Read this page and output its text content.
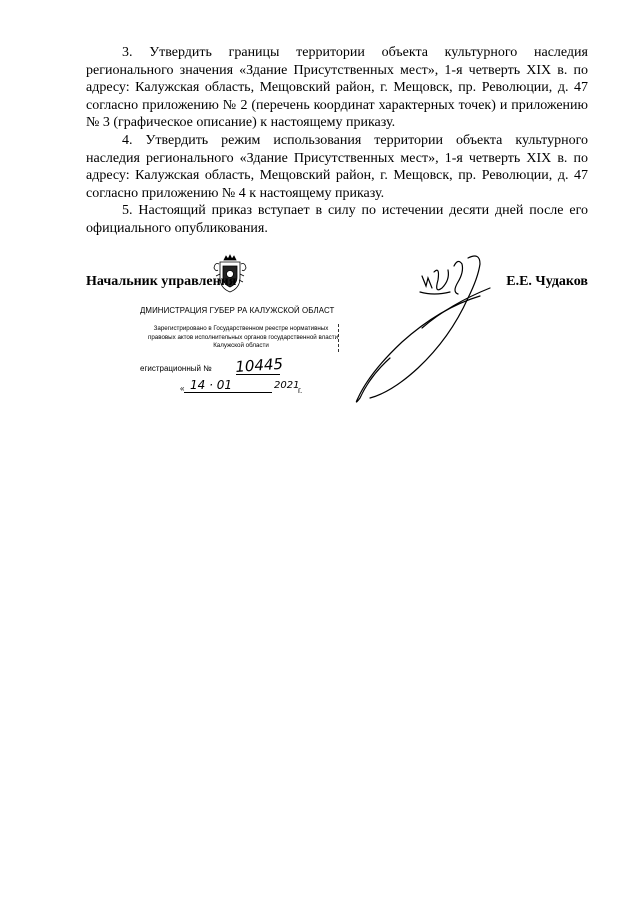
3. Утвердить границы территории объекта культурного наследия регионального значения «Здание Присутственных мест», 1-я четверть XIX в. по адресу: Калужская область, Мещовский район, г. Мещовск, пр. Революции, д. 47 согласно приложению № 2 (перечень координат характерных точек) и приложению № 3 (графическое описание) к настоящему приказу.

4. Утвердить режим использования территории объекта культурного наследия регионального «Здание Присутственных мест», 1-я четверть XIX в. по адресу: Калужская область, Мещовский район, г. Мещовск, пр. Революции, д. 47 согласно приложению № 4 к настоящему приказу.

5. Настоящий приказ вступает в силу по истечении десяти дней после его официального опубликования.

Начальник управления	Е.Е. Чудаков
ДМИНИСТРАЦИЯ ГУБЕР РА КАЛУЖСКОЙ ОБЛАСТ
Зарегистрировано в Государственном реестре нормативных
правовых актов исполнительных органов государственной власти
Калужской области
егистрационный № 10445
« 14 · 01	2021
г.
